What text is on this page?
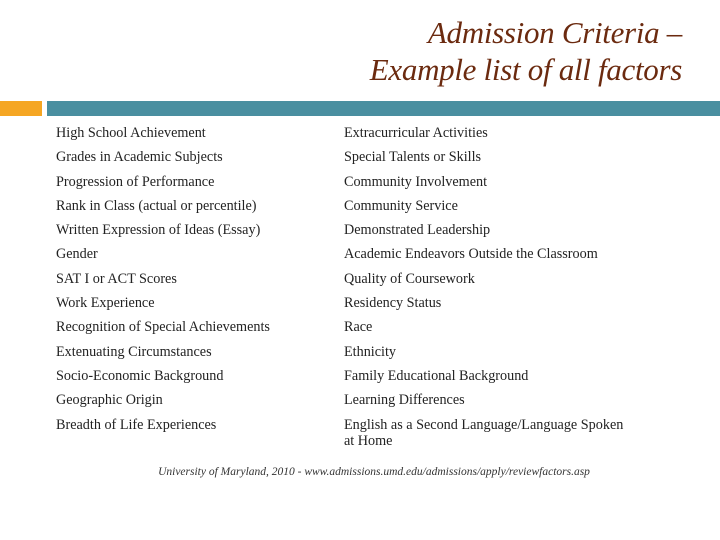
Admission Criteria –
Example list of all factors
High School Achievement
Grades in Academic Subjects
Progression of Performance
Rank in Class (actual or percentile)
Written Expression of Ideas (Essay)
Gender
SAT I or ACT Scores
Work Experience
Recognition of Special Achievements
Extenuating Circumstances
Socio-Economic Background
Geographic Origin
Breadth of Life Experiences
Extracurricular Activities
Special Talents or Skills
Community Involvement
Community Service
Demonstrated Leadership
Academic Endeavors Outside the Classroom
Quality of Coursework
Residency Status
Race
Ethnicity
Family Educational Background
Learning Differences
English as a Second Language/Language Spoken at Home
University of Maryland, 2010 - www.admissions.umd.edu/admissions/apply/reviewfactors.asp
